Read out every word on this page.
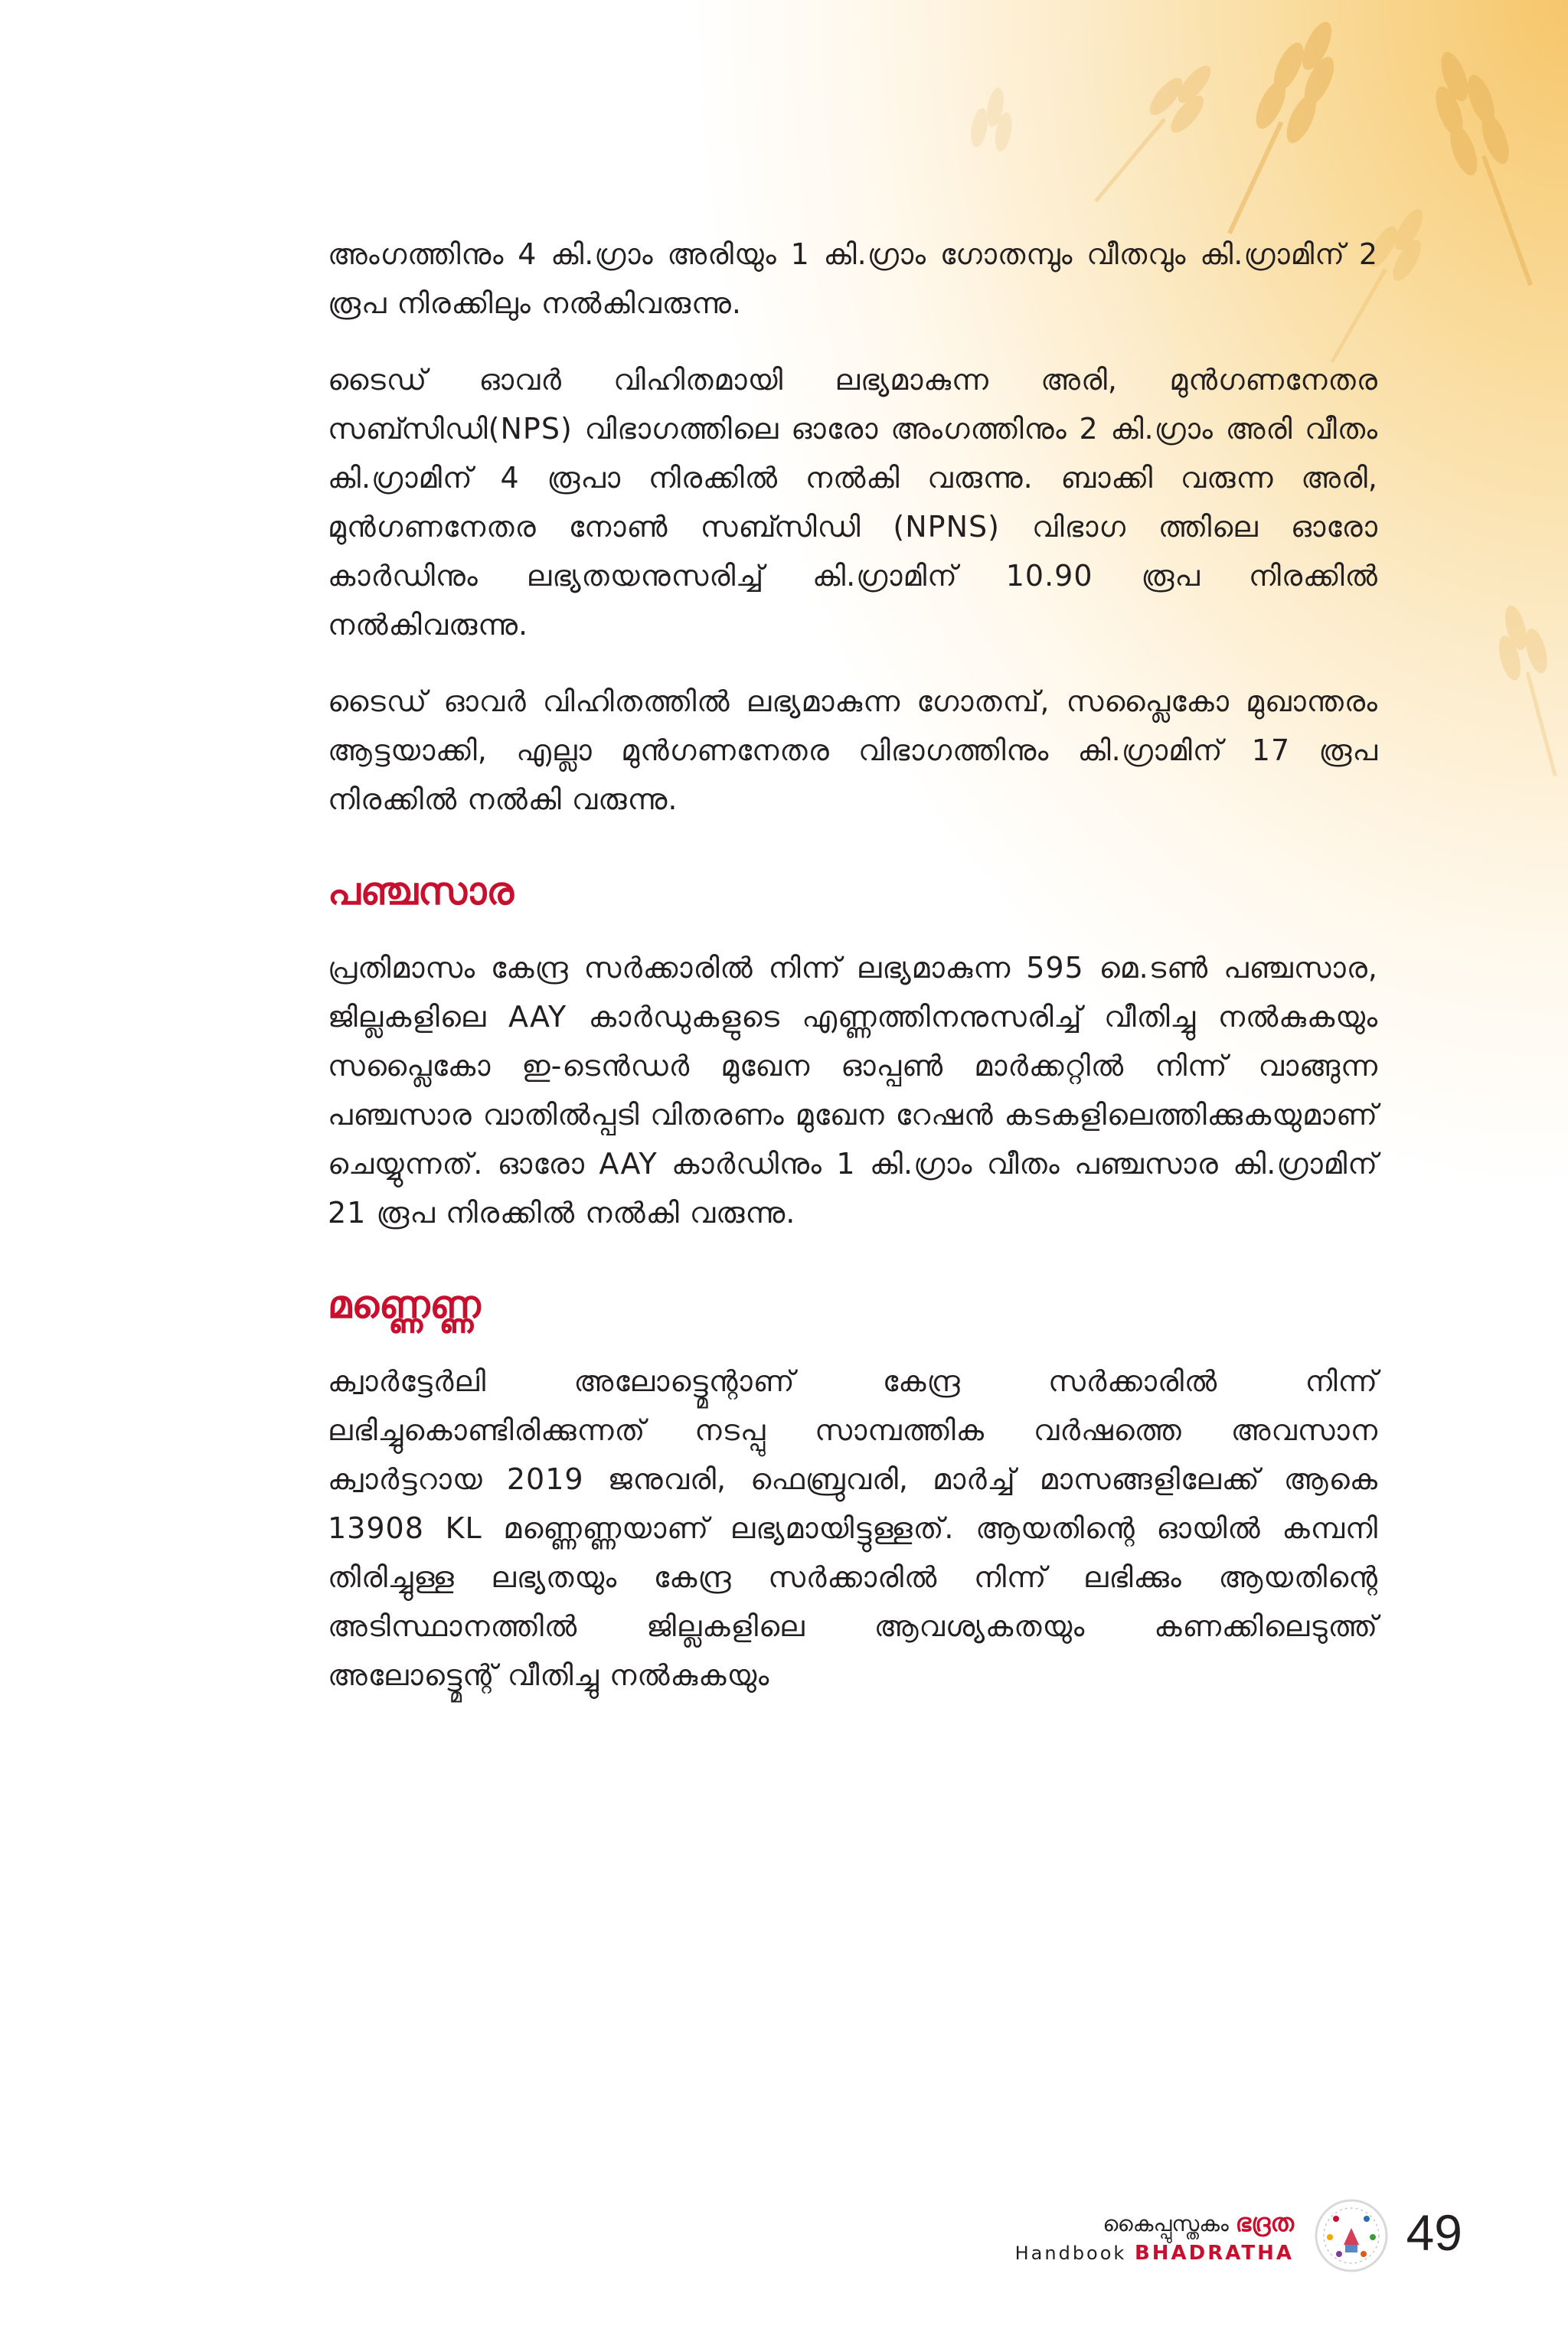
അംഗത്തിനും 4 കി.ഗ്രാം അരിയും 1 കി.ഗ്രാം ഗോതമ്പും വീതവും കി.ഗ്രാമിന് 2 രൂപ നിരക്കിലും നൽകിവരുന്നു.

ടൈഡ് ഓവർ വിഹിതമായി ലഭ്യമാകുന്ന അരി, മുൻഗണനേതര സബ്സിഡി(NPS) വിഭാഗത്തിലെ ഓരോ അംഗത്തിനും 2 കി.ഗ്രാം അരി വീതം കി.ഗ്രാമിന് 4 രൂപാ നിരക്കിൽ നൽകി വരുന്നു. ബാക്കി വരുന്ന അരി, മുൻഗണനേതര നോൺ സബ്സിഡി (NPNS) വിഭാഗ ത്തിലെ ഓരോ കാർഡിനും ലഭ്യതയനുസരിച്ച് കി.ഗ്രാമിന് 10.90 രൂപ നിരക്കിൽ നൽകിവരുന്നു.

ടൈഡ് ഓവർ വിഹിതത്തിൽ ലഭ്യമാകുന്ന ഗോതമ്പ്, സപ്ലൈകോ മുഖാന്തരം ആട്ടയാക്കി, എല്ലാ മുൻഗണനേതര വിഭാഗത്തിനും കി.ഗ്രാമിന് 17 രൂപ നിരക്കിൽ നൽകി വരുന്നു.

പഞ്ചസാര

പ്രതിമാസം കേന്ദ്ര സർക്കാരിൽ നിന്ന് ലഭ്യമാകുന്ന 595 മെ.ടൺ പഞ്ചസാര, ജില്ലകളിലെ AAY കാർഡുകളുടെ എണ്ണത്തിനനുസരിച്ച് വീതിച്ചു നൽകുകയും സപ്ലൈകോ ഇ-ടെൻഡർ മുഖേന ഓപ്പൺ മാർക്കറ്റിൽ നിന്ന് വാങ്ങുന്ന പഞ്ചസാര വാതിൽപ്പടി വിതരണം മുഖേന റേഷൻ കടകളിലെത്തിക്കുകയുമാണ് ചെയ്യുന്നത്. ഓരോ AAY കാർഡിനും 1 കി.ഗ്രാം വീതം പഞ്ചസാര കി.ഗ്രാമിന് 21 രൂപ നിരക്കിൽ നൽകി വരുന്നു.

മണ്ണെണ്ണ

ക്വാർട്ടേർലി അലോട്ട്മെന്റാണ് കേന്ദ്ര സർക്കാരിൽ നിന്ന് ലഭിച്ചുകൊണ്ടിരിക്കുന്നത് നടപ്പു സാമ്പത്തിക വർഷത്തെ അവസാന ക്വാർട്ടറായ 2019 ജനുവരി, ഫെബ്രുവരി, മാർച്ച് മാസങ്ങളിലേക്ക് ആകെ 13908 KL മണ്ണെണ്ണയാണ് ലഭ്യമായിട്ടുള്ളത്. ആയതിന്റെ ഓയിൽ കമ്പനി തിരിച്ചുള്ള ലഭ്യതയും കേന്ദ്ര സർക്കാരിൽ നിന്ന് ലഭിക്കും ആയതിന്റെ അടിസ്ഥാനത്തിൽ ജില്ലകളിലെ ആവശ്യകതയും കണക്കിലെടുത്ത് അലോട്ട്മെന്റ് വീതിച്ചു നൽകുകയും

കൈപ്പുസ്തകം ഭദ്രത
Handbook BHADRATHA 49
